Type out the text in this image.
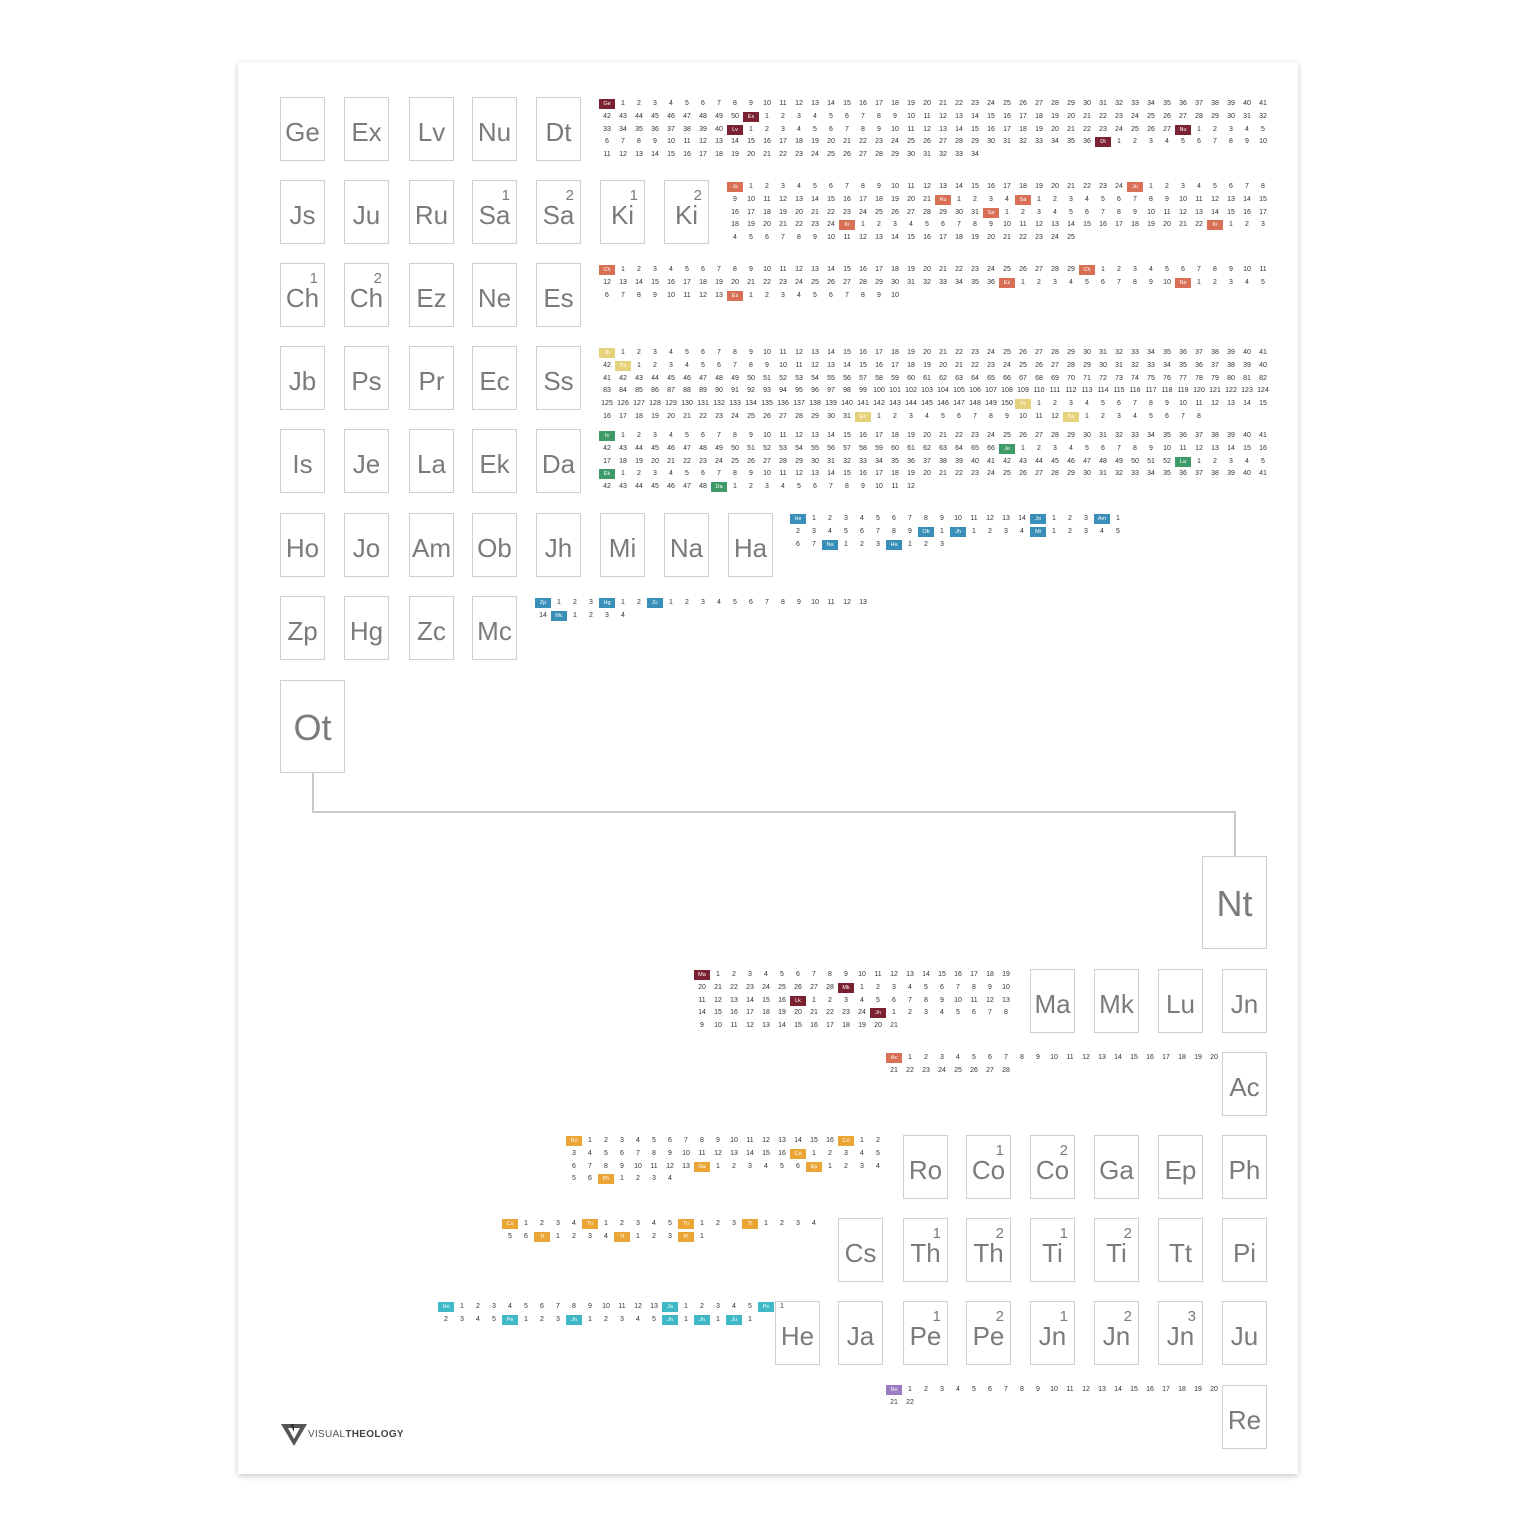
Ot
Nt
Ge Ex Lv Nu	Dt
Js	Ju Ru Sa
1
Sa
2
Ki
1
Ki
2
Ch
1
Ch
2
Ez Ne Es
Jb Ps	Pr	Ec Ss
Is	Je La Ek Da
Ho Jo Am Ob Jh Mi Na Ha
Zp Hg Zc Mc
Ma Mk Lu Jn
Ac
Ro Co
1
Co
2
Ga Ep Ph
Cs Th
1
Th
2
Ti
1
Ti
2
Tt	Pi
He Ja Pe
1
Pe
2
Jn
1
Jn
2
Jn
3
Ju
Re
Ge 1 2 3 4 5 6 7 8 9 10 11 12 13 14 15 16 17 18 19 20 21 22 23 24 25 26 27 28 29 30 31 32 33 34 35 36 37 38 39 40 4142 43 44 45 46 47 48 49 50 Ex 1 2 3 4 5 6 7 8 9 10 11 12 13 14 15 16 17 18 19 20 21 22 23 24 25 26 27 28 29 30 31 3233 34 35 36 37 38 39 40 Lv 1 2 3 4 5 6 7 8 9 10 11 12 13 14 15 16 17 18 19 20 21 22 23 24 25 26 27 Nu 1 2 3 4 56 7 8 9 10 11 12 13 14 15 16 17 18 19 20 21 22 23 24 25 26 27 28 29 30 31 32 33 34 35 36 Dt 1 2 3 4 5 6 7 8 9 1011 12 13 14 15 16 17 18 19 20 21 22 23 24 25 26 27 28 29 30 31 32 33 34
Js 1 2 3 4 5 6 7 8 9 10 11 12 13 14 15 16 17 18 19 20 21 22 23 24 Ju 1 2 3 4 5 6 7 89 10 11 12 13 14 15 16 17 18 19 20 21 Ru 1 2 3 4 Sa 1 2 3 4 5 6 7 8 9 10 11 12 13 14 1516 17 18 19 20 21 22 23 24 25 26 27 28 29 30 31 Sa 1 2 3 4 5 6 7 8 9 10 11 12 13 14 15 16 1718 19 20 21 22 23 24 Ki 1 2 3 4 5 6 7 8 9 10 11 12 13 14 15 16 17 18 19 20 21 22 Ki 1 2 34 5 6 7 8 9 10 11 12 13 14 15 16 17 18 19 20 21 22 23 24 25
Ch 1 2 3 4 5 6 7 8 9 10 11 12 13 14 15 16 17 18 19 20 21 22 23 24 25 26 27 28 29 Ch 1 2 3 4 5 6 7 8 9 10 1112 13 14 15 16 17 18 19 20 21 22 23 24 25 26 27 28 29 30 31 32 33 34 35 36 Ez 1 2 3 4 5 6 7 8 9 10 Ne 1 2 3 4 56 7 8 9 10 11 12 13 Es 1 2 3 4 5 6 7 8 9 10
Jb 1 2 3 4 5 6 7 8 9 10 11 12 13 14 15 16 17 18 19 20 21 22 23 24 25 26 27 28 29 30 31 32 33 34 35 36 37 38 39 40 4142 Ps 1 2 3 4 5 6 7 8 9 10 11 12 13 14 15 16 17 18 19 20 21 22 23 24 25 26 27 28 29 30 31 32 33 34 35 36 37 38 39 4041 42 43 44 45 46 47 48 49 50 51 52 53 54 55 56 57 58 59 60 61 62 63 64 65 66 67 68 69 70 71 72 73 74 75 76 77 78 79 80 81 8283 84 85 86 87 88 89 90 91 92 93 94 95 96 97 98 99 100 101 102 103 104 105 106 107 108 109 110 111 112 113 114 115 116 117 118 119 120 121 122 123 124125 126 127 128 129 130 131 132 133 134 135 136 137 138 139 140 141 142 143 144 145 146 147 148 149 150 Pr 1 2 3 4 5 6 7 8 9 10 11 12 13 14 1516 17 18 19 20 21 22 23 24 25 26 27 28 29 30 31 Ec 1 2 3 4 5 6 7 8 9 10 11 12 Ss 1 2 3 4 5 6 7 8
Is 1 2 3 4 5 6 7 8 9 10 11 12 13 14 15 16 17 18 19 20 21 22 23 24 25 26 27 28 29 30 31 32 33 34 35 36 37 38 39 40 4142 43 44 45 46 47 48 49 50 51 52 53 54 55 56 57 58 59 60 61 62 63 64 65 66 Je 1 2 3 4 5 6 7 8 9 10 11 12 13 14 15 1617 18 19 20 21 22 23 24 25 26 27 28 29 30 31 32 33 34 35 36 37 38 39 40 41 42 43 44 45 46 47 48 49 50 51 52 La 1 2 3 4 5Ek 1 2 3 4 5 6 7 8 9 10 11 12 13 14 15 16 17 18 19 20 21 22 23 24 25 26 27 28 29 30 31 32 33 34 35 36 37 38 39 40 4142 43 44 45 46 47 48 Da 1 2 3 4 5 6 7 8 9 10 11 12
He 1 2 3 4 5 6 7 8 9 10 11 12 13 14 Jo 1 2 3 Am 12 3 4 5 6 7 8 9 Ob 1 Jh 1 2 3 4 Mi 1 2 3 4 56 7 Na 1 2 3 Ha 1 2 3
Zp 1 2 3 Hg 1 2 Zc 1 2 3 4 5 6 7 8 9 10 11 12 1314 Mc 1 2 3 4
Ma 1 2 3 4 5 6 7 8 9 10 11 12 13 14 15 16 17 18 1920 21 22 23 24 25 26 27 28 Mk 1 2 3 4 5 6 7 8 9 1011 12 13 14 15 16 Lk 1 2 3 4 5 6 7 8 9 10 11 12 1314 15 16 17 18 19 20 21 22 23 24 Jn 1 2 3 4 5 6 7 89 10 11 12 13 14 15 16 17 18 19 20 21
Ac 1 2 3 4 5 6 7 8 9 10 11 12 13 14 15 16 17 18 19 2021 22 23 24 25 26 27 28
Ro 1 2 3 4 5 6 7 8 9 10 11 12 13 14 15 16 Co 1 23 4 5 6 7 8 9 10 11 12 13 14 15 16 Co 1 2 3 4 56 7 8 9 10 11 12 13 Ga 1 2 3 4 5 6 Ep 1 2 3 45 6 Ph 1 2 3 4
Cs 1 2 3 4 Th 1 2 3 4 5 Th 1 2 3 Ti 1 2 3 45 6 Ti 1 2 3 4 Tt 1 2 3 Pi 1
He 1 2 3 4 5 6 7 8 9 10 11 12 13 Ja 1 2 3 4 5 Pe 12 3 4 5 Pe 1 2 3 Jn 1 2 3 4 5 Jn 1 Jn 1 Ju 1
Re 1 2 3 4 5 6 7 8 9 10 11 12 13 14 15 16 17 18 19 2021 22
VISUALTHEOLOGY
